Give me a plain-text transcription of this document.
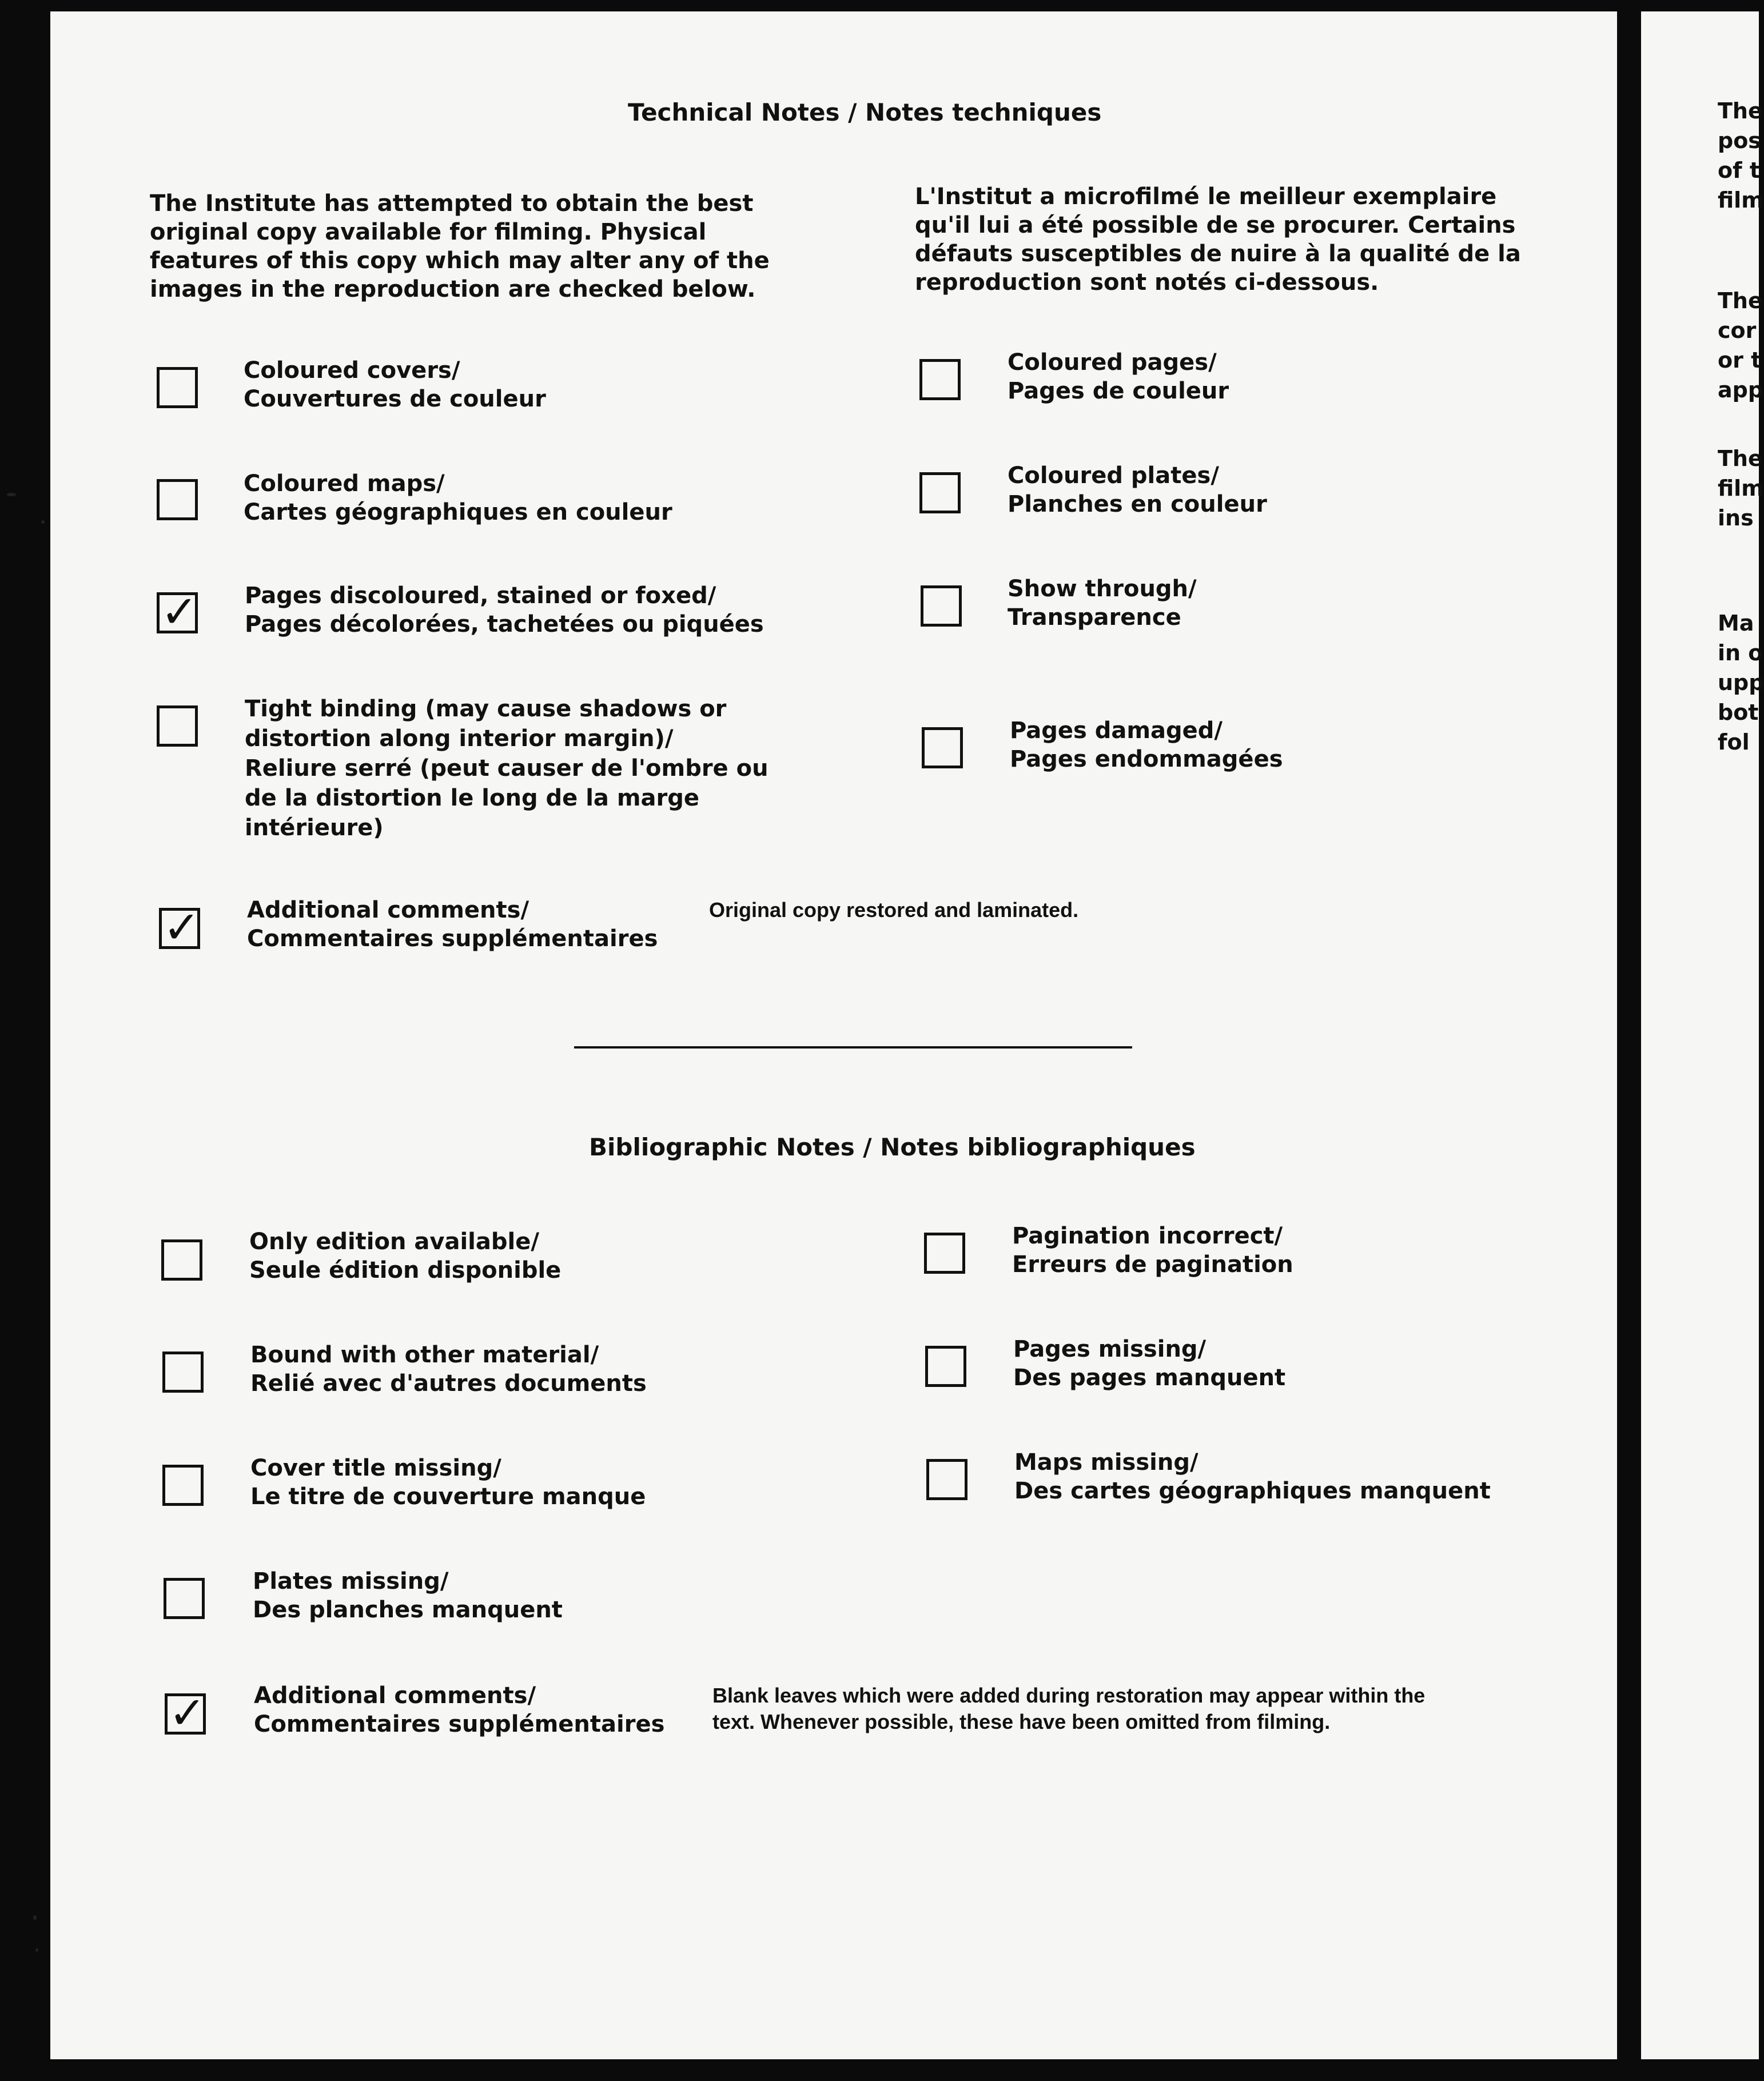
Technical Notes / Notes techniques
The Institute has attempted to obtain the best
original copy available for filming. Physical
features of this copy which may alter any of the
images in the reproduction are checked below.
L'Institut a microfilmé le meilleur exemplaire
qu'il lui a été possible de se procurer. Certains
défauts susceptibles de nuire à la qualité de la
reproduction sont notés ci-dessous.
Coloured covers/
Couvertures de couleur
Coloured maps/
Cartes géographiques en couleur
✓ Pages discoloured, stained or foxed/
Pages décolorées, tachetées ou piquées
Tight binding (may cause shadows or
distortion along interior margin)/
Reliure serré (peut causer de l'ombre ou
de la distortion le long de la marge
intérieure)
✓ Additional comments/
Commentaires supplémentaires
Original copy restored and laminated.
Coloured pages/
Pages de couleur
Coloured plates/
Planches en couleur
Show through/
Transparence
Pages damaged/
Pages endommagées
Bibliographic Notes / Notes bibliographiques
Only edition available/
Seule édition disponible
Bound with other material/
Relié avec d'autres documents
Cover title missing/
Le titre de couverture manque
Plates missing/
Des planches manquent
✓ Additional comments/
Commentaires supplémentaires
Blank leaves which were added during restoration may appear within the
text. Whenever possible, these have been omitted from filming.
Pagination incorrect/
Erreurs de pagination
Pages missing/
Des pages manquent
Maps missing/
Des cartes géographiques manquent
The
pos
of t
film
The
cor
or t
app
The
film
ins
Ma
in o
upp
bot
fol
